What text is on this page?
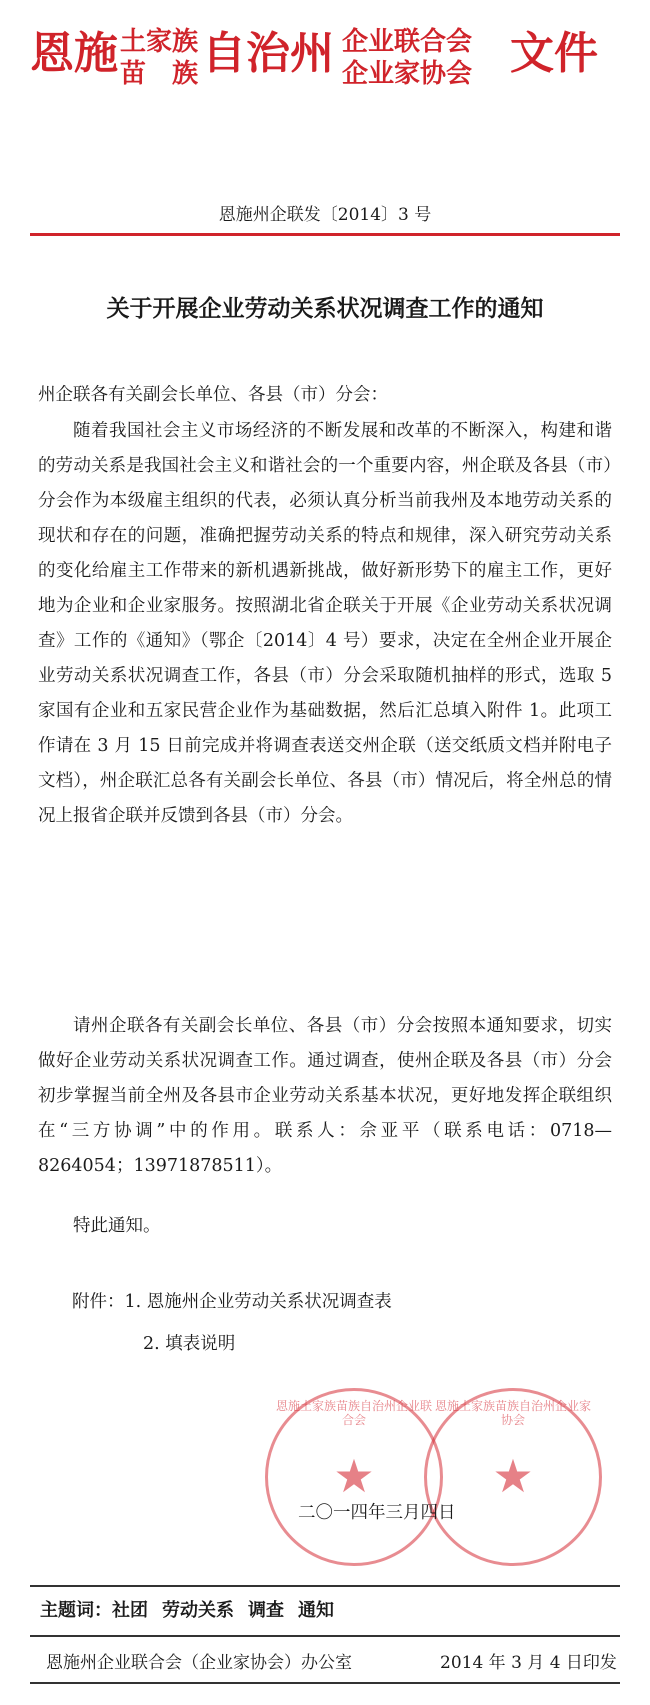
恩施 土家族
苗　族 自治州 企业联合会
企业家协会 文件
恩施州企联发〔2014〕3 号
关于开展企业劳动关系状况调查工作的通知
州企联各有关副会长单位、各县（市）分会：
随着我国社会主义市场经济的不断发展和改革的不断深入，构建和谐的劳动关系是我国社会主义和谐社会的一个重要内容，州企联及各县（市）分会作为本级雇主组织的代表，必须认真分析当前我州及本地劳动关系的现状和存在的问题，准确把握劳动关系的特点和规律，深入研究劳动关系的变化给雇主工作带来的新机遇新挑战，做好新形势下的雇主工作，更好地为企业和企业家服务。按照湖北省企联关于开展《企业劳动关系状况调查》工作的《通知》（鄂企〔2014〕4 号）要求，决定在全州企业开展企业劳动关系状况调查工作，各县（市）分会采取随机抽样的形式，选取 5 家国有企业和五家民营企业作为基础数据，然后汇总填入附件 1。此项工作请在 3 月 15 日前完成并将调查表送交州企联（送交纸质文档并附电子文档），州企联汇总各有关副会长单位、各县（市）情况后，将全州总的情况上报省企联并反馈到各县（市）分会。
请州企联各有关副会长单位、各县（市）分会按照本通知要求，切实做好企业劳动关系状况调查工作。通过调查，使州企联及各县（市）分会初步掌握当前全州及各县市企业劳动关系基本状况，更好地发挥企联组织在“三方协调”中的作用。联系人：佘亚平（联系电话：0718—8264054；13971878511）。
特此通知。
附件：1. 恩施州企业劳动关系状况调查表
2. 填表说明
恩施土家族苗族自治州企业联合会
★
恩施土家族苗族自治州企业家协会
★
二〇一四年三月四日
主题词：社团 劳动关系 调查 通知
恩施州企业联合会（企业家协会）办公室	2014 年 3 月 4 日印发
